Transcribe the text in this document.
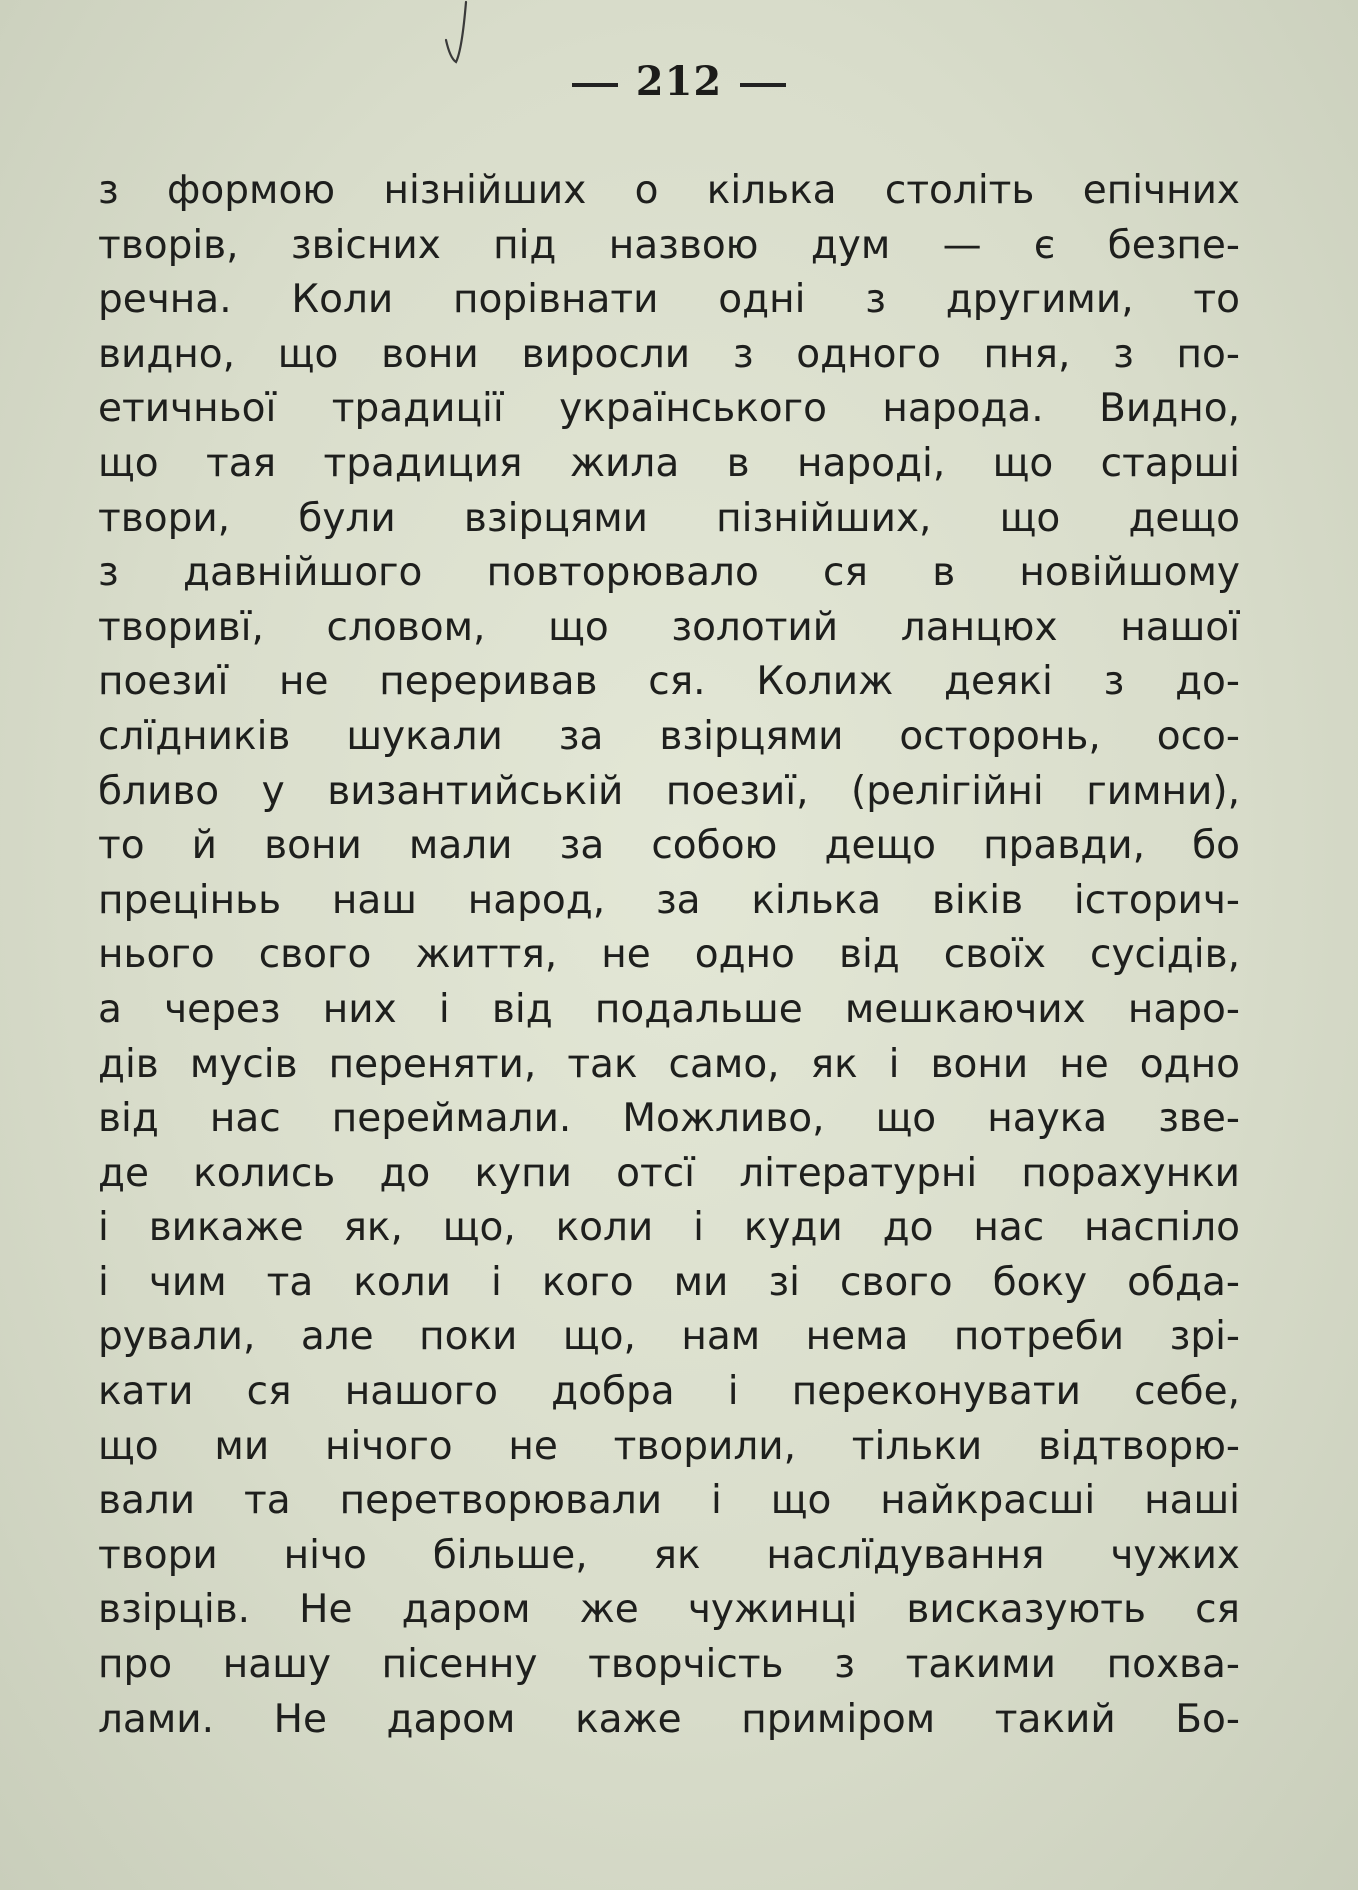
212
з формою нізнійших о кілька століть епічних
творів, звісних під назвою дум — є безпе-
речна. Коли порівнати одні з другими, то
видно, що вони виросли з одного пня, з по-
етичньої традиції українського народа. Видно,
що тая традиция жила в народі, що старші
твори, були взірцями пізнійших, що дещо
з давнійшого повторювало ся в новійшому
творивї, словом, що золотий ланцюх нашої
поезиї не переривав ся. Колиж деякі з до-
слїдників шукали за взірцями осторонь, осо-
бливо у византийській поезиї, (релігійні гимни),
то й вони мали за собою дещо правди, бо
преціньь наш народ, за кілька віків історич-
нього свого життя, не одно від своїх сусідів,
а через них і від подальше мешкаючих наро-
дів мусів переняти, так само, як і вони не одно
від нас переймали. Можливо, що наука зве-
де колись до купи отсї літературні порахунки
і викаже як, що, коли і куди до нас наспіло
і чим та коли і кого ми зі свого боку обда-
рували, але поки що, нам нема потреби зрі-
кати ся нашого добра і переконувати себе,
що ми нічого не творили, тільки відтворю-
вали та перетворювали і що найкрасші наші
твори нічо більше, як наслїдування чужих
взірців. Не даром же чужинці висказують ся
про нашу пісенну творчість з такими похва-
лами. Не даром каже приміром такий Бо-
